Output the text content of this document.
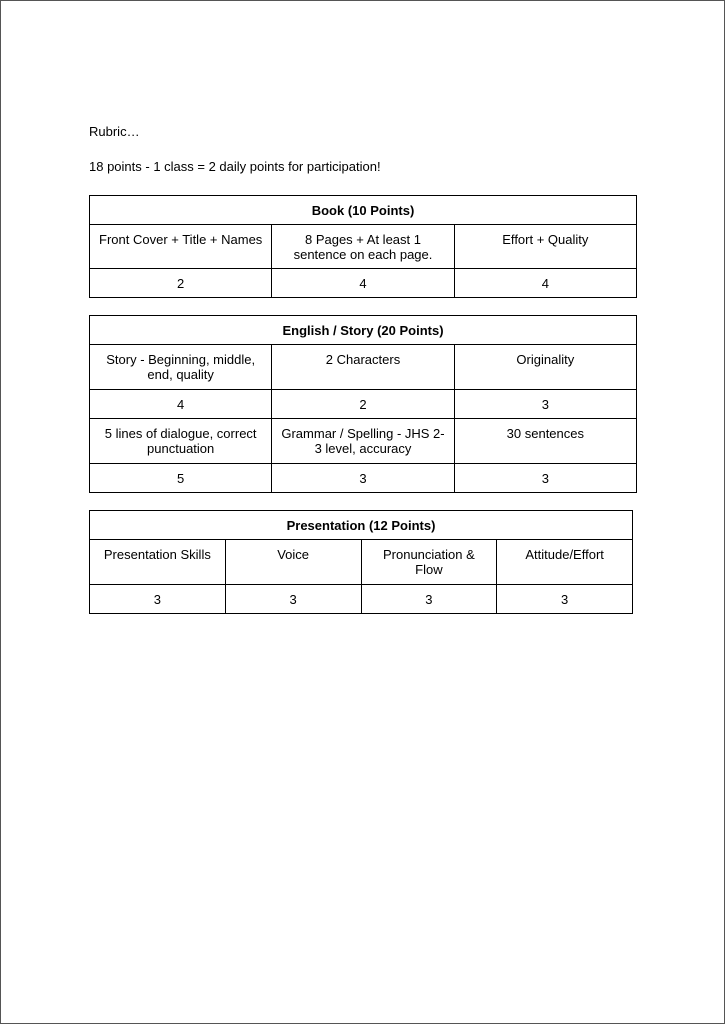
Rubric…
18 points - 1 class = 2 daily points for participation!
Book (10 Points)		
Front Cover + Title + Names	8 Pages + At least 1 sentence on each page.	Effort + Quality
2	4	4
English / Story (20 Points)		
Story - Beginning, middle, end, quality	2 Characters	Originality
4	2	3
5 lines of dialogue, correct punctuation	Grammar / Spelling - JHS 2-3 level, accuracy	30 sentences
5	3	3
Presentation (12 Points)			
Presentation Skills	Voice	Pronunciation & Flow	Attitude/Effort
3	3	3	3
